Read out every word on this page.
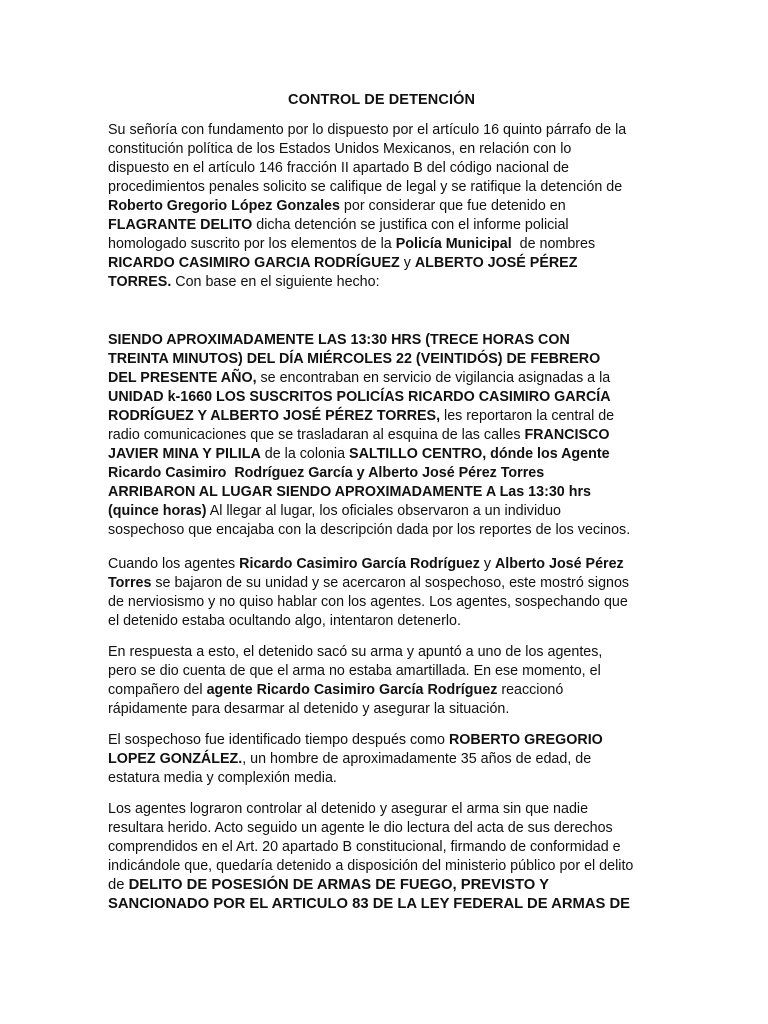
CONTROL DE DETENCIÓN
Su señoría con fundamento por lo dispuesto por el artículo 16 quinto párrafo de la
constitución política de los Estados Unidos Mexicanos, en relación con lo
dispuesto en el artículo 146 fracción II apartado B del código nacional de
procedimientos penales solicito se califique de legal y se ratifique la detención de
Roberto Gregorio López Gonzales por considerar que fue detenido en
FLAGRANTE DELITO dicha detención se justifica con el informe policial
homologado suscrito por los elementos de la Policía Municipal  de nombres
RICARDO CASIMIRO GARCIA RODRÍGUEZ y ALBERTO JOSÉ PÉREZ
TORRES. Con base en el siguiente hecho:
SIENDO APROXIMADAMENTE LAS 13:30 HRS (TRECE HORAS CON
TREINTA MINUTOS) DEL DÍA MIÉRCOLES 22 (VEINTIDÓS) DE FEBRERO
DEL PRESENTE AÑO, se encontraban en servicio de vigilancia asignadas a la
UNIDAD k-1660 LOS SUSCRITOS POLICÍAS RICARDO CASIMIRO GARCÍA
RODRÍGUEZ Y ALBERTO JOSÉ PÉREZ TORRES, les reportaron la central de
radio comunicaciones que se trasladaran al esquina de las calles FRANCISCO
JAVIER MINA Y PILILA de la colonia SALTILLO CENTRO, dónde los Agente
Ricardo Casimiro  Rodríguez García y Alberto José Pérez Torres
ARRIBARON AL LUGAR SIENDO APROXIMADAMENTE A Las 13:30 hrs
(quince horas) Al llegar al lugar, los oficiales observaron a un individuo
sospechoso que encajaba con la descripción dada por los reportes de los vecinos.
Cuando los agentes Ricardo Casimiro García Rodríguez y Alberto José Pérez
Torres se bajaron de su unidad y se acercaron al sospechoso, este mostró signos
de nerviosismo y no quiso hablar con los agentes. Los agentes, sospechando que
el detenido estaba ocultando algo, intentaron detenerlo.
En respuesta a esto, el detenido sacó su arma y apuntó a uno de los agentes,
pero se dio cuenta de que el arma no estaba amartillada. En ese momento, el
compañero del agente Ricardo Casimiro García Rodríguez reaccionó
rápidamente para desarmar al detenido y asegurar la situación.
El sospechoso fue identificado tiempo después como ROBERTO GREGORIO
LOPEZ GONZÁLEZ., un hombre de aproximadamente 35 años de edad, de
estatura media y complexión media.
Los agentes lograron controlar al detenido y asegurar el arma sin que nadie
resultara herido. Acto seguido un agente le dio lectura del acta de sus derechos
comprendidos en el Art. 20 apartado B constitucional, firmando de conformidad e
indicándole que, quedaría detenido a disposición del ministerio público por el delito
de DELITO DE POSESIÓN DE ARMAS DE FUEGO, PREVISTO Y
SANCIONADO POR EL ARTICULO 83 DE LA LEY FEDERAL DE ARMAS DE
